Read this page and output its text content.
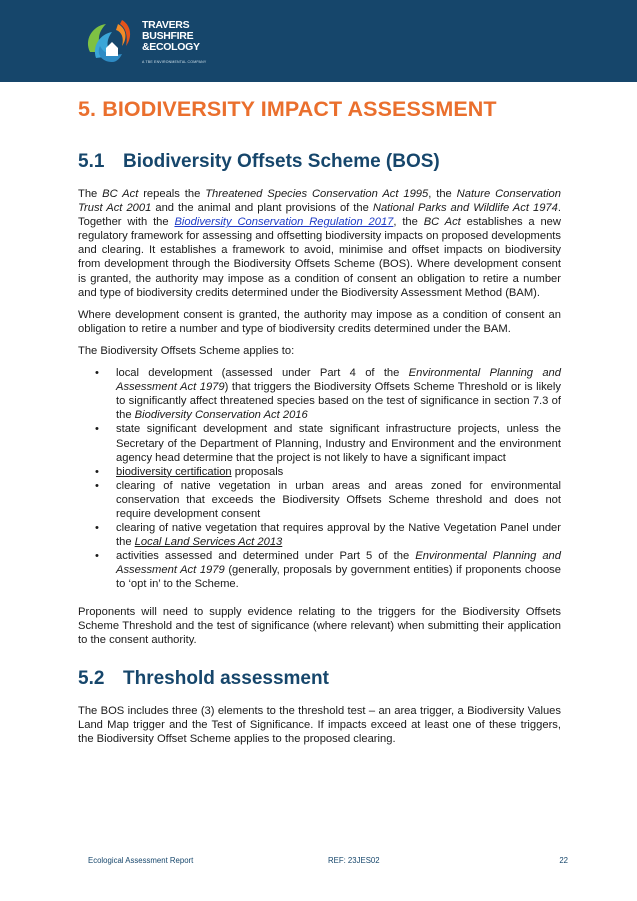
TRAVERS
BUSHFIRE
&ECOLOGY
A TBE ENVIRONMENTAL COMPANY
5. BIODIVERSITY IMPACT ASSESSMENT
5.1 Biodiversity Offsets Scheme (BOS)

The BC Act repeals the Threatened Species Conservation Act 1995, the Nature Conservation Trust Act 2001 and the animal and plant provisions of the National Parks and Wildlife Act 1974. Together with the Biodiversity Conservation Regulation 2017, the BC Act establishes a new regulatory framework for assessing and offsetting biodiversity impacts on proposed developments and clearing. It establishes a framework to avoid, minimise and offset impacts on biodiversity from development through the Biodiversity Offsets Scheme (BOS). Where development consent is granted, the authority may impose as a condition of consent an obligation to retire a number and type of biodiversity credits determined under the Biodiversity Assessment Method (BAM).

Where development consent is granted, the authority may impose as a condition of consent an obligation to retire a number and type of biodiversity credits determined under the BAM.

The Biodiversity Offsets Scheme applies to:

• local development (assessed under Part 4 of the Environmental Planning and Assessment Act 1979) that triggers the Biodiversity Offsets Scheme Threshold or is likely to significantly affect threatened species based on the test of significance in section 7.3 of the Biodiversity Conservation Act 2016
• state significant development and state significant infrastructure projects, unless the Secretary of the Department of Planning, Industry and Environment and the environment agency head determine that the project is not likely to have a significant impact
• biodiversity certification proposals
• clearing of native vegetation in urban areas and areas zoned for environmental conservation that exceeds the Biodiversity Offsets Scheme threshold and does not require development consent
• clearing of native vegetation that requires approval by the Native Vegetation Panel under the Local Land Services Act 2013
• activities assessed and determined under Part 5 of the Environmental Planning and Assessment Act 1979 (generally, proposals by government entities) if proponents choose to ‘opt in’ to the Scheme.

Proponents will need to supply evidence relating to the triggers for the Biodiversity Offsets Scheme Threshold and the test of significance (where relevant) when submitting their application to the consent authority.

5.2 Threshold assessment

The BOS includes three (3) elements to the threshold test – an area trigger, a Biodiversity Values Land Map trigger and the Test of Significance. If impacts exceed at least one of these triggers, the Biodiversity Offset Scheme applies to the proposed clearing.

Ecological Assessment Report	REF: 23JES02	22
